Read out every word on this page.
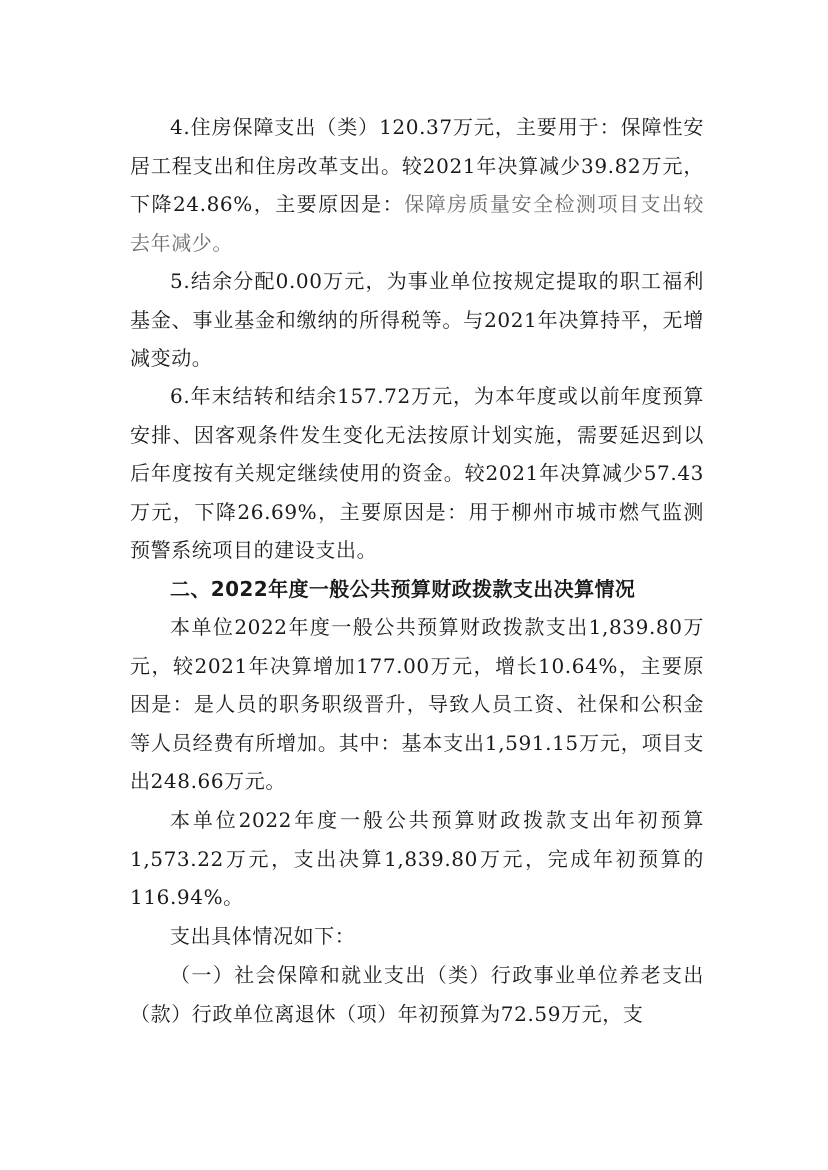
4.住房保障支出（类）120.37万元，主要用于：保障性安居工程支出和住房改革支出。较2021年决算减少39.82万元，下降24.86%，主要原因是：保障房质量安全检测项目支出较去年减少。

5.结余分配0.00万元，为事业单位按规定提取的职工福利基金、事业基金和缴纳的所得税等。与2021年决算持平，无增减变动。

6.年末结转和结余157.72万元，为本年度或以前年度预算安排、因客观条件发生变化无法按原计划实施，需要延迟到以后年度按有关规定继续使用的资金。较2021年决算减少57.43万元，下降26.69%，主要原因是：用于柳州市城市燃气监测预警系统项目的建设支出。

二、2022年度一般公共预算财政拨款支出决算情况

本单位2022年度一般公共预算财政拨款支出1,839.80万元，较2021年决算增加177.00万元，增长10.64%，主要原因是：是人员的职务职级晋升，导致人员工资、社保和公积金等人员经费有所增加。其中：基本支出1,591.15万元，项目支出248.66万元。

本单位2022年度一般公共预算财政拨款支出年初预算1,573.22万元，支出决算1,839.80万元，完成年初预算的116.94%。

支出具体情况如下：

（一）社会保障和就业支出（类）行政事业单位养老支出（款）行政单位离退休（项）年初预算为72.59万元，支
